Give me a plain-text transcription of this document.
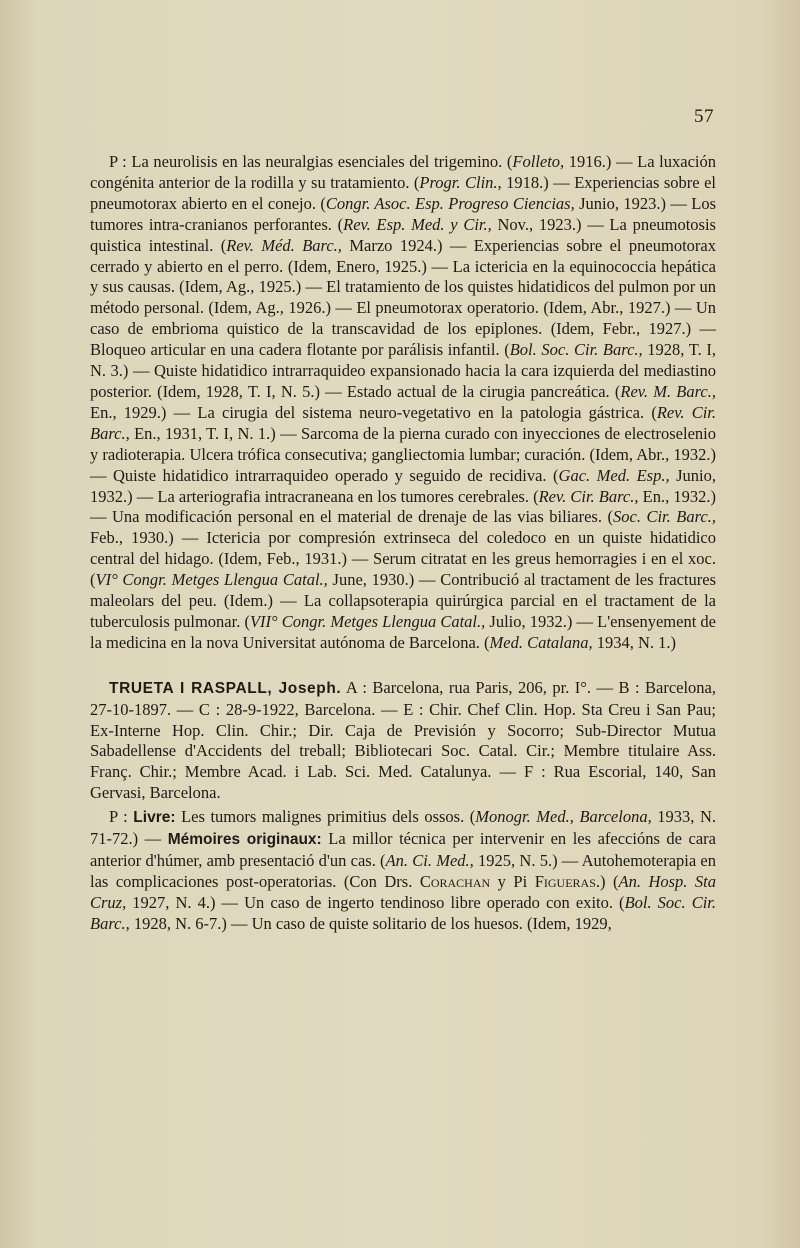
57

P : La neurolisis en las neuralgias esenciales del trigemino. (Folleto, 1916.) — La luxación congénita anterior de la rodilla y su tratamiento. (Progr. Clin., 1918.) — Experiencias sobre el pneumotorax abierto en el conejo. (Congr. Asoc. Esp. Progreso Ciencias, Junio, 1923.) — Los tumores intra-cranianos perforantes. (Rev. Esp. Med. y Cir., Nov., 1923.) — La pneumotosis quistica intestinal. (Rev. Méd. Barc., Marzo 1924.) — Experiencias sobre el pneumotorax cerrado y abierto en el perro. (Idem, Enero, 1925.) — La ictericia en la equinococcia hepática y sus causas. (Idem, Ag., 1925.) — El tratamiento de los quistes hidatidicos del pulmon por un método personal. (Idem, Ag., 1926.) — El pneumotorax operatorio. (Idem, Abr., 1927.) — Un caso de embrioma quistico de la transcavidad de los epiplones. (Idem, Febr., 1927.) — Bloqueo articular en una cadera flotante por parálisis infantil. (Bol. Soc. Cir. Barc., 1928, T. I, N. 3.) — Quiste hidatidico intrarraquideo expansionado hacia la cara izquierda del mediastino posterior. (Idem, 1928, T. I, N. 5.) — Estado actual de la cirugia pancreática. (Rev. M. Barc., En., 1929.) — La cirugia del sistema neuro-vegetativo en la patologia gástrica. (Rev. Cir. Barc., En., 1931, T. I, N. 1.) — Sarcoma de la pierna curado con inyecciones de electroselenio y radioterapia. Ulcera trófica consecutiva; gangliectomia lumbar; curación. (Idem, Abr., 1932.) — Quiste hidatidico intrarraquideo operado y seguido de recidiva. (Gac. Med. Esp., Junio, 1932.) — La arteriografia intracraneana en los tumores cerebrales. (Rev. Cir. Barc., En., 1932.) — Una modificación personal en el material de drenaje de las vias biliares. (Soc. Cir. Barc., Feb., 1930.) — Ictericia por compresión extrinseca del coledoco en un quiste hidatidico central del hidago. (Idem, Feb., 1931.) — Serum citratat en les greus hemorragies i en el xoc. (VI° Congr. Metges Llengua Catal., June, 1930.) — Contribució al tractament de les fractures maleolars del peu. (Idem.) — La collapsoterapia quirúrgica parcial en el tractament de la tuberculosis pulmonar. (VII° Congr. Metges Llengua Catal., Julio, 1932.) — L'ensenyement de la medicina en la nova Universitat autónoma de Barcelona. (Med. Catalana, 1934, N. 1.)

TRUETA I RASPALL, Joseph. A : Barcelona, rua Paris, 206, pr. I°. — B : Barcelona, 27-10-1897. — C : 28-9-1922, Barcelona. — E : Chir. Chef Clin. Hop. Sta Creu i San Pau; Ex-Interne Hop. Clin. Chir.; Dir. Caja de Previsión y Socorro; Sub-Director Mutua Sabadellense d'Accidents del treball; Bibliotecari Soc. Catal. Cir.; Membre titulaire Ass. Franç. Chir.; Membre Acad. i Lab. Sci. Med. Catalunya. — F : Rua Escorial, 140, San Gervasi, Barcelona.

P : Livre: Les tumors malignes primitius dels ossos. (Monogr. Med., Barcelona, 1933, N. 71-72.) — Mémoires originaux: La millor técnica per intervenir en les afeccións de cara anterior d'húmer, amb presentació d'un cas. (An. Ci. Med., 1925, N. 5.) — Autohemoterapia en las complicaciones post-operatorias. (Con Drs. Corachan y Pi Figueras.) (An. Hosp. Sta Cruz, 1927, N. 4.) — Un caso de ingerto tendinoso libre operado con exito. (Bol. Soc. Cir. Barc., 1928, N. 6-7.) — Un caso de quiste solitario de los huesos. (Idem, 1929,
